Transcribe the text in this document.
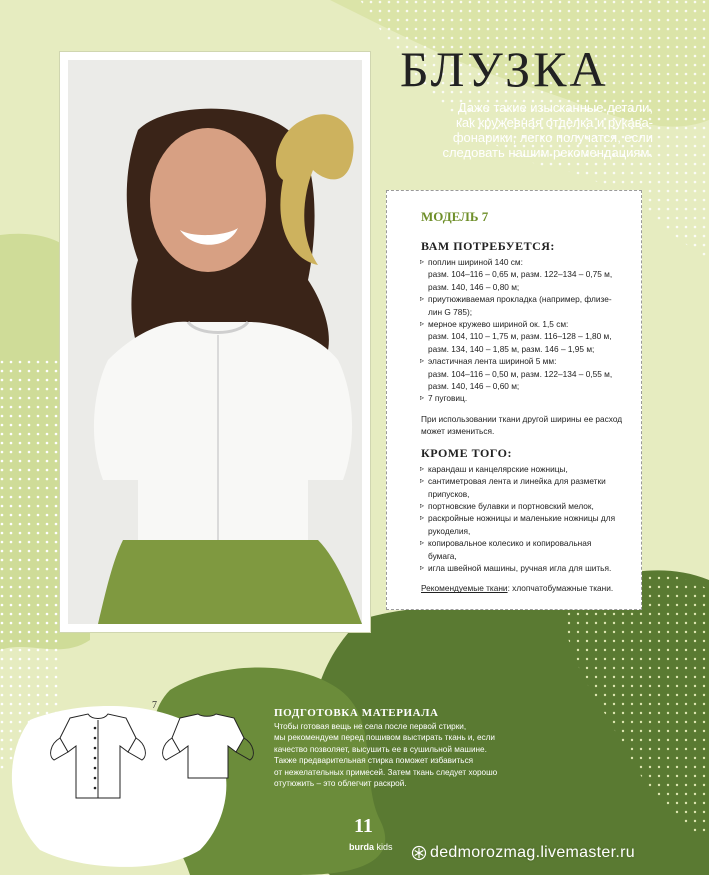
БЛУЗКА
Даже такие изысканные детали,
как кружевная отделка и рукава-
фонарики, легко получатся, если
следовать нашим рекомендациям.
МОДЕЛЬ 7
ВАМ ПОТРЕБУЕТСЯ:
▹ поплин шириной 140 см:
разм. 104–116 – 0,65 м, разм. 122–134 – 0,75 м,
разм. 140, 146 – 0,80 м;
▹ приутюживаемая прокладка (например, флизе-
лин G 785);
▹ мерное кружево шириной ок. 1,5 см:
разм. 104, 110 – 1,75 м, разм. 116–128 – 1,80 м,
разм. 134, 140 – 1,85 м, разм. 146 – 1,95 м;
▹ эластичная лента шириной 5 мм:
разм. 104–116 – 0,50 м, разм. 122–134 – 0,55 м,
разм. 140, 146 – 0,60 м;
▹ 7 пуговиц.
При использовании ткани другой ширины ее расход
может измениться.
КРОМЕ ТОГО:
▹ карандаш и канцелярские ножницы,
▹ сантиметровая лента и линейка для разметки
припусков,
▹ портновские булавки и портновский мелок,
▹ раскройные ножницы и маленькие ножницы для
рукоделия,
▹ копировальное колесико и копировальная
бумага,
▹ игла швейной машины, ручная игла для шитья.
Рекомендуемые ткани: хлопчатобумажные ткани.
7
ПОДГОТОВКА МАТЕРИАЛА
Чтобы готовая вещь не села после первой стирки,
мы рекомендуем перед пошивом выстирать ткань и, если
качество позволяет, высушить ее в сушильной машине.
Также предварительная стирка поможет избавиться
от нежелательных примесей. Затем ткань следует хорошо
отутюжить – это облегчит раскрой.
11
burda kids dedmorozmag.livemaster.ru
